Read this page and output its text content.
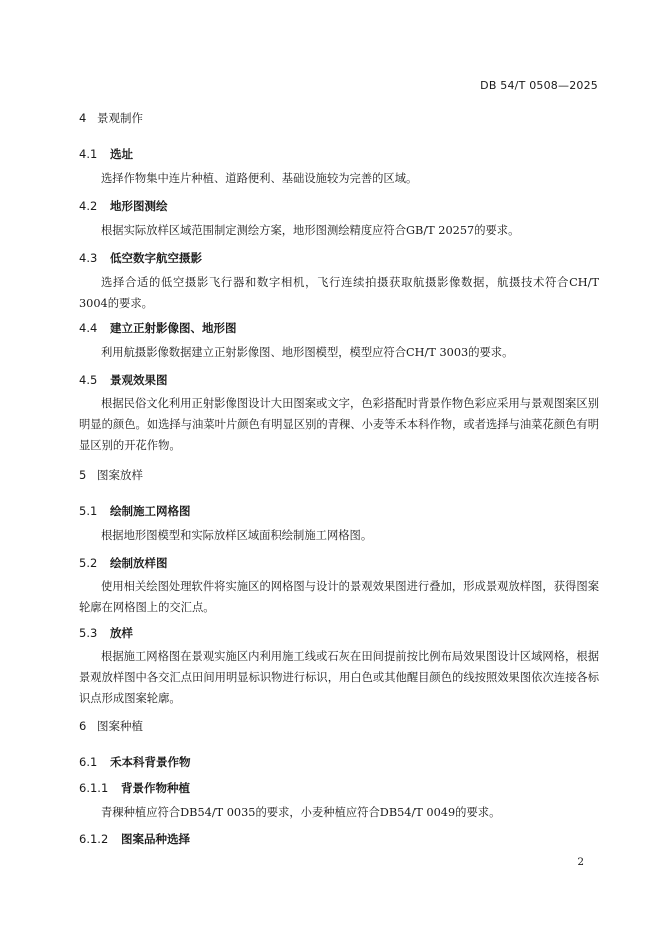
DB 54/T 0508—2025
4 景观制作
4.1 选址
选择作物集中连片种植、道路便利、基础设施较为完善的区域。
4.2 地形图测绘
根据实际放样区域范围制定测绘方案，地形图测绘精度应符合GB/T 20257的要求。
4.3 低空数字航空摄影
选择合适的低空摄影飞行器和数字相机，飞行连续拍摄获取航摄影像数据，航摄技术符合CH/T 3004的要求。
4.4 建立正射影像图、地形图
利用航摄影像数据建立正射影像图、地形图模型，模型应符合CH/T 3003的要求。
4.5 景观效果图
根据民俗文化利用正射影像图设计大田图案或文字，色彩搭配时背景作物色彩应采用与景观图案区别明显的颜色。如选择与油菜叶片颜色有明显区别的青稞、小麦等禾本科作物，或者选择与油菜花颜色有明显区别的开花作物。
5 图案放样
5.1 绘制施工网格图
根据地形图模型和实际放样区域面积绘制施工网格图。
5.2 绘制放样图
使用相关绘图处理软件将实施区的网格图与设计的景观效果图进行叠加，形成景观放样图，获得图案轮廓在网格图上的交汇点。
5.3 放样
根据施工网格图在景观实施区内利用施工线或石灰在田间提前按比例布局效果图设计区域网格，根据景观放样图中各交汇点田间用明显标识物进行标识，用白色或其他醒目颜色的线按照效果图依次连接各标识点形成图案轮廓。
6 图案种植
6.1 禾本科背景作物
6.1.1 背景作物种植
青稞种植应符合DB54/T 0035的要求，小麦种植应符合DB54/T 0049的要求。
6.1.2 图案品种选择
2
